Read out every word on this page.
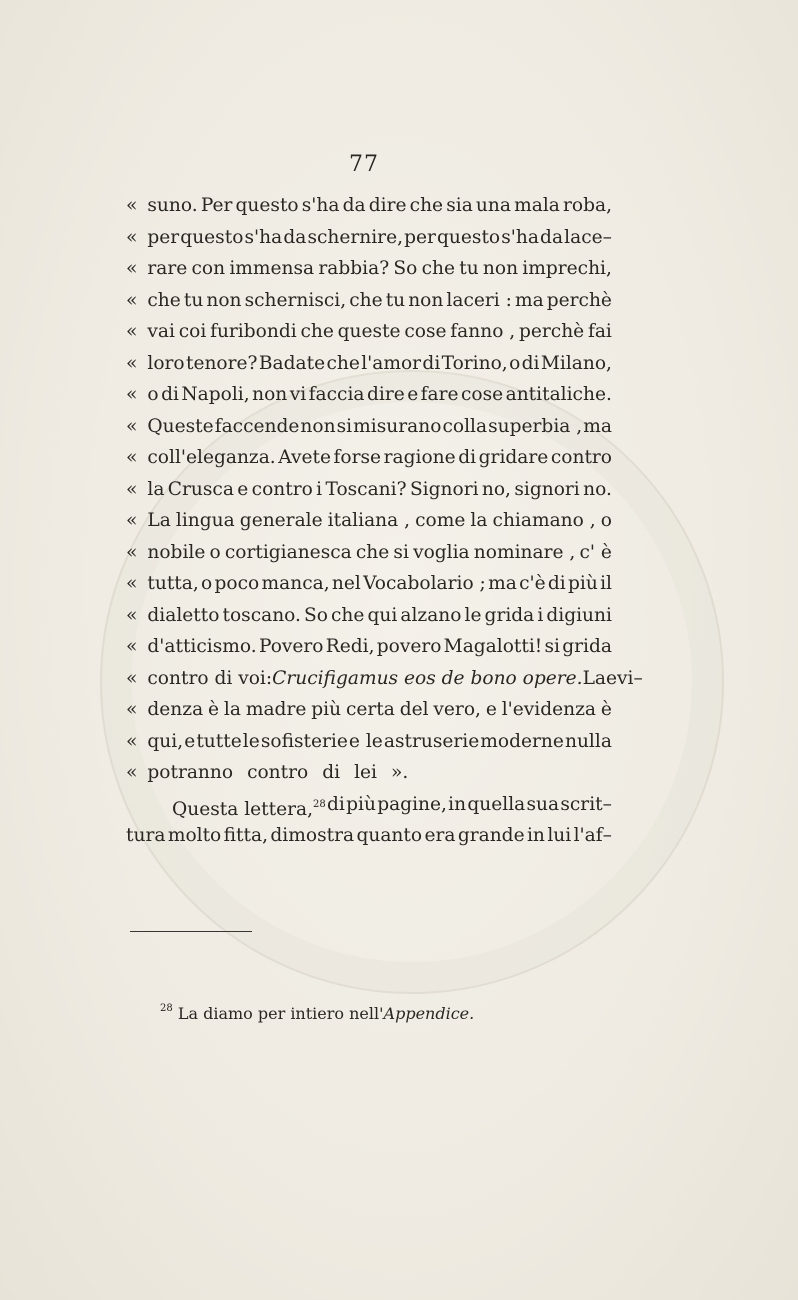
77
« suno. Per questo s'ha da dire che sia una mala roba,
« per questo s'ha da schernire, per questo s'ha da lace–
« rare con immensa rabbia? So che tu non imprechi,
« che tu non schernisci, che tu non laceri : ma perchè
« vai coi furibondi che queste cose fanno , perchè fai
« loro tenore? Badate che l'amor di Torino, o di Milano,
« o di Napoli, non vi faccia dire e fare cose antitaliche.
« Queste faccende non si misurano colla superbia , ma
« coll'eleganza. Avete forse ragione di gridare contro
« la Crusca e contro i Toscani? Signori no, signori no.
« La lingua generale italiana , come la chiamano , o
« nobile o cortigianesca che si voglia nominare , c' è
« tutta, o poco manca, nel Vocabolario ; ma c'è di più il
« dialetto toscano. So che qui alzano le grida i digiuni
« d'atticismo. Povero Redi, povero Magalotti! si grida
« contro di voi: Crucifigamus eos de bono opere. La evi–
« denza è la madre più certa del vero, e l'evidenza è
« qui, e tutte le sofisterie e le astruserie moderne nulla
« potranno contro di lei ».
Questa lettera,$^{28}$ di più pagine, in quella sua scrit–
tura molto fitta, dimostra quanto era grande in lui l'af–
$^{28}$ La diamo per intiero nell'Appendice.
